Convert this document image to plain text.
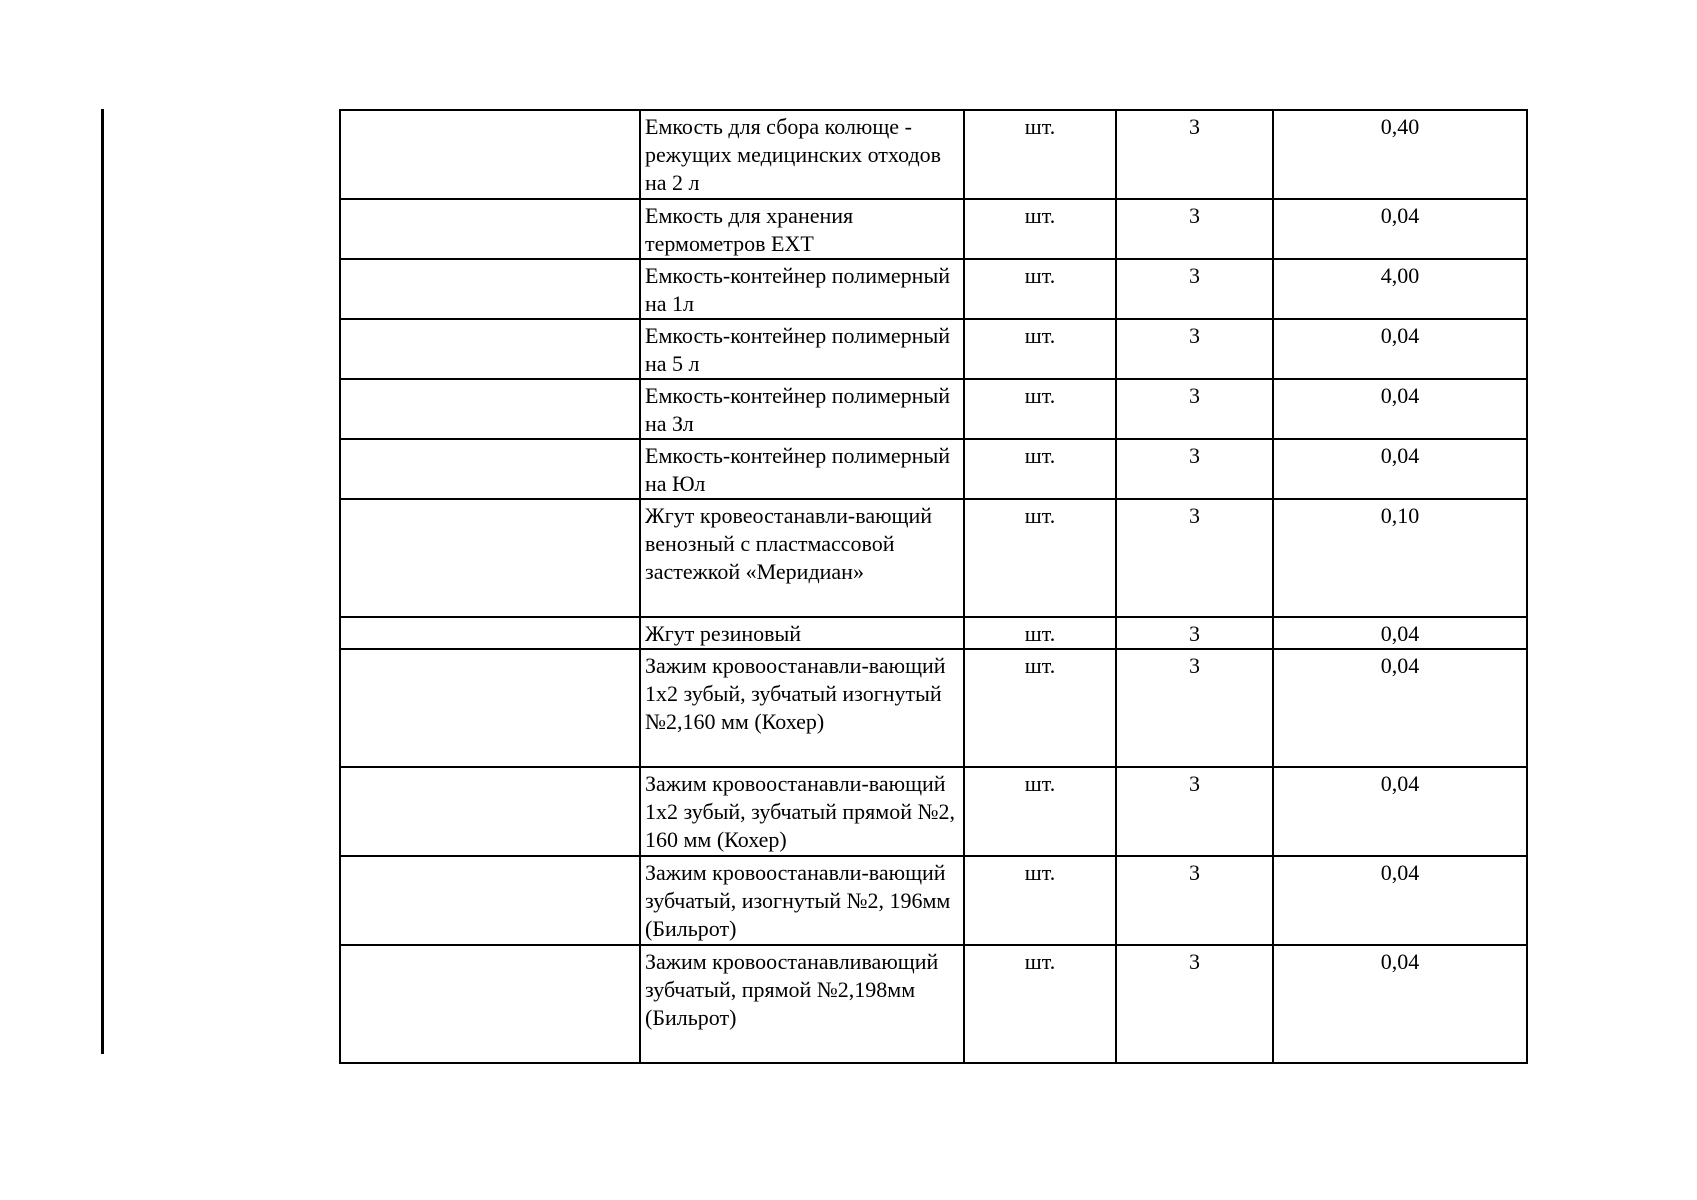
	Емкость для сбора колюще - режущих медицинских отходов на 2 л	шт.	3	0,40
	Емкость для хранения термометров ЕХТ	шт.	3	0,04
	Емкость-контейнер полимерный на 1л	шт.	3	4,00
	Емкость-контейнер полимерный на 5 л	шт.	3	0,04
	Емкость-контейнер полимерный на Зл	шт.	3	0,04
	Емкость-контейнер полимерный на Юл	шт.	3	0,04
	Жгут кровеостанавли-вающий венозный с пластмассовой застежкой «Меридиан»	шт.	3	0,10
	Жгут резиновый	шт.	3	0,04
	Зажим кровоостанавли-вающий 1х2 зубый, зубчатый изогнутый №2,160 мм (Кохер)	шт.	3	0,04
	Зажим кровоостанавли-вающий 1х2 зубый, зубчатый прямой №2, 160 мм (Кохер)	шт.	3	0,04
	Зажим кровоостанавли-вающий зубчатый, изогнутый №2, 196мм (Бильрот)	шт.	3	0,04
	Зажим кровоостанавливающий зубчатый, прямой №2,198мм (Бильрот)	шт.	3	0,04
